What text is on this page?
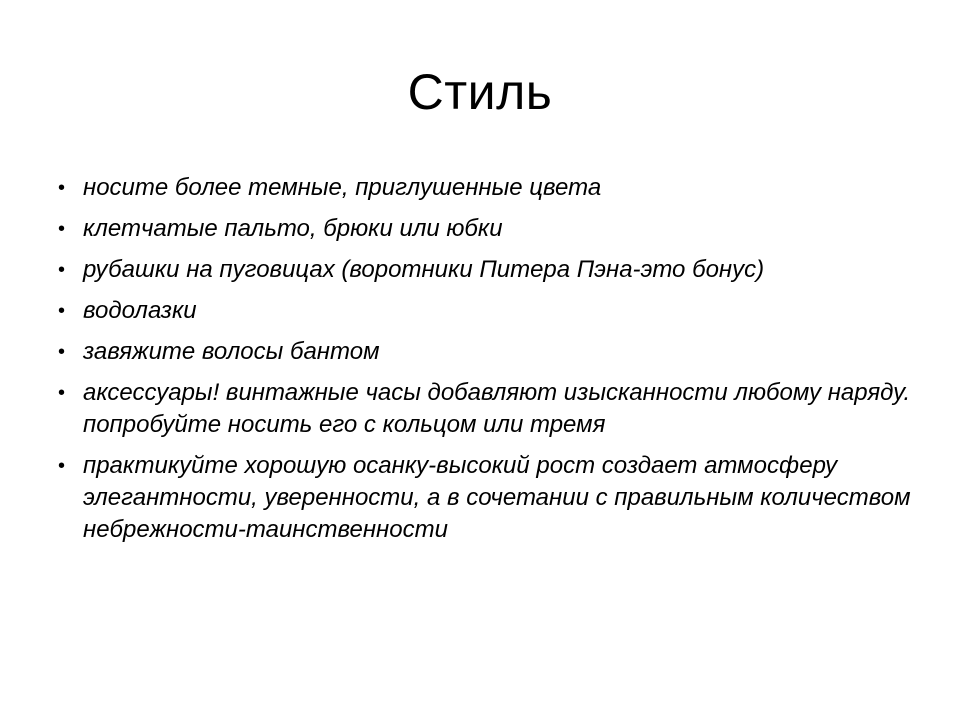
Стиль
• носите более темные, приглушенные цвета
• клетчатые пальто, брюки или юбки
• рубашки на пуговицах (воротники Питера Пэна-это бонус)
• водолазки
• завяжите волосы бантом
• аксессуары! винтажные часы добавляют изысканности любому наряду. попробуйте носить его с кольцом или тремя
• практикуйте хорошую осанку-высокий рост создает атмосферу элегантности, уверенности, а в сочетании с правильным количеством небрежности-таинственности
